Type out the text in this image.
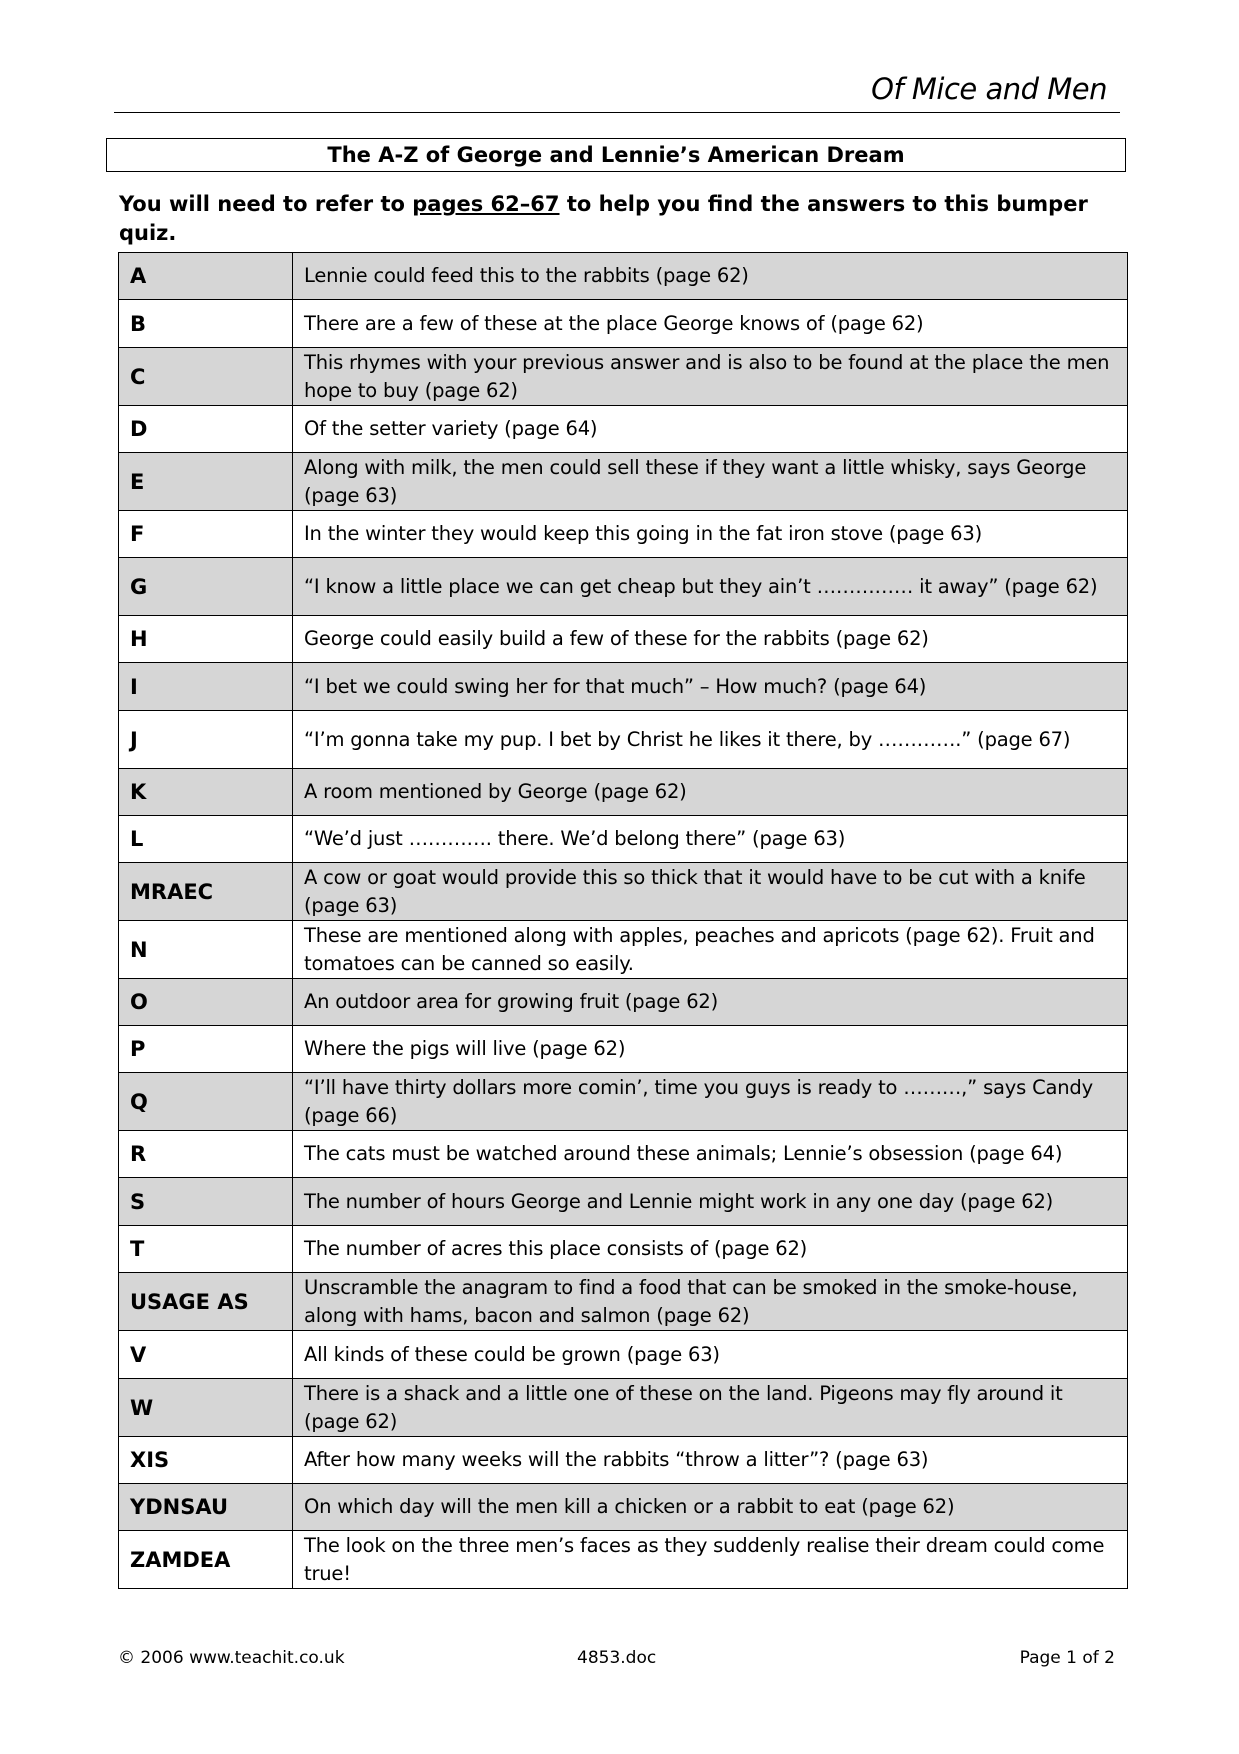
Of Mice and Men
The A-Z of George and Lennie’s American Dream
You will need to refer to pages 62–67 to help you find the answers to this bumper quiz.
A	Lennie could feed this to the rabbits (page 62)
B	There are a few of these at the place George knows of (page 62)
C	This rhymes with your previous answer and is also to be found at the place the men hope to buy (page 62)
D	Of the setter variety (page 64)
E	Along with milk, the men could sell these if they want a little whisky, says George (page 63)
F	In the winter they would keep this going in the fat iron stove (page 63)
G	“I know a little place we can get cheap but they ain’t …………… it away” (page 62)
H	George could easily build a few of these for the rabbits (page 62)
I	“I bet we could swing her for that much” – How much? (page 64)
J	“I’m gonna take my pup. I bet by Christ he likes it there, by ………….” (page 67)
K	A room mentioned by George (page 62)
L	“We’d just …………. there. We’d belong there” (page 63)
MRAEC	A cow or goat would provide this so thick that it would have to be cut with a knife (page 63)
N	These are mentioned along with apples, peaches and apricots (page 62). Fruit and tomatoes can be canned so easily.
O	An outdoor area for growing fruit (page 62)
P	Where the pigs will live (page 62)
Q	“I’ll have thirty dollars more comin’, time you guys is ready to ………,” says Candy (page 66)
R	The cats must be watched around these animals; Lennie’s obsession (page 64)
S	The number of hours George and Lennie might work in any one day (page 62)
T	The number of acres this place consists of (page 62)
USAGE AS	Unscramble the anagram to find a food that can be smoked in the smoke-house, along with hams, bacon and salmon (page 62)
V	All kinds of these could be grown (page 63)
W	There is a shack and a little one of these on the land. Pigeons may fly around it (page 62)
XIS	After how many weeks will the rabbits “throw a litter”? (page 63)
YDNSAU	On which day will the men kill a chicken or a rabbit to eat (page 62)
ZAMDEA	The look on the three men’s faces as they suddenly realise their dream could come true!
© 2006 www.teachit.co.uk	4853.doc	Page 1 of 2
